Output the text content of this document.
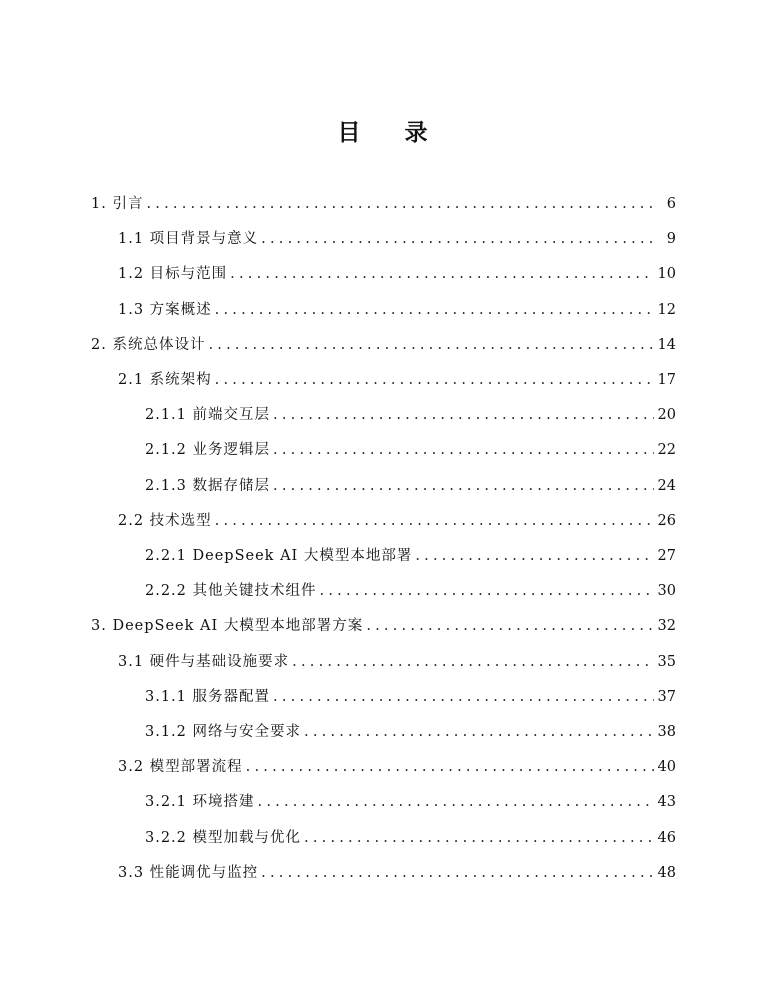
目 录
1. 引言 .....	6
1.1 项目背景与意义 .....	9
1.2 目标与范围 .....	10
1.3 方案概述 .....	12
2. 系统总体设计 .....	14
2.1 系统架构 .....	17
2.1.1 前端交互层 .....	20
2.1.2 业务逻辑层 .....	22
2.1.3 数据存储层 .....	24
2.2 技术选型 .....	26
2.2.1 DeepSeek AI 大模型本地部署 .....	27
2.2.2 其他关键技术组件 .....	30
3. DeepSeek AI 大模型本地部署方案 .....	32
3.1 硬件与基础设施要求 .....	35
3.1.1 服务器配置 .....	37
3.1.2 网络与安全要求 .....	38
3.2 模型部署流程 .....	40
3.2.1 环境搭建 .....	43
3.2.2 模型加载与优化 .....	46
3.3 性能调优与监控 .....	48
